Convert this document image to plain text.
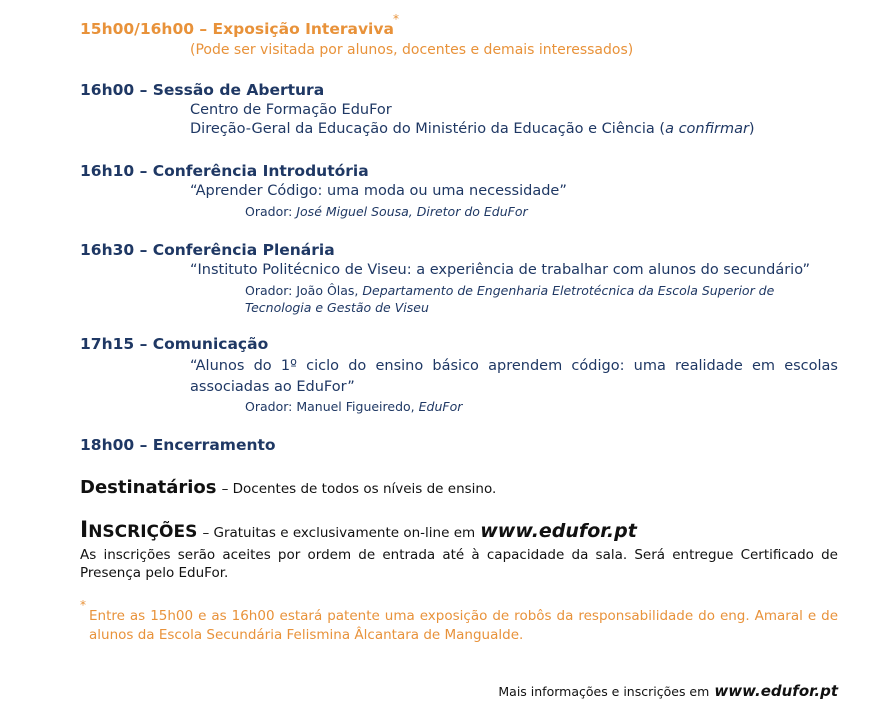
15h00/16h00 – Exposição Interaviva
*
(Pode ser visitada por alunos, docentes e demais interessados)
16h00 – Sessão de Abertura
Centro de Formação EduFor
Direção-Geral da Educação do Ministério da Educação e Ciência (a confirmar)
16h10 – Conferência Introdutória
“Aprender Código: uma moda ou uma necessidade”
Orador: José Miguel Sousa, Diretor do EduFor
16h30 – Conferência Plenária
“Instituto Politécnico de Viseu: a experiência de trabalhar com alunos do secundário”
Orador: João Ôlas, Departamento de Engenharia Eletrotécnica da Escola Superior de
Tecnologia e Gestão de Viseu
17h15 – Comunicação
“Alunos do 1º ciclo do ensino básico aprendem código: uma realidade em escolas associadas ao EduFor”
Orador: Manuel Figueiredo, EduFor
18h00 – Encerramento
Destinatários – Docentes de todos os níveis de ensino.
INSCRIÇÕES – Gratuitas e exclusivamente on-line em www.edufor.pt
As inscrições serão aceites por ordem de entrada até à capacidade da sala. Será entregue Certificado de Presença pelo EduFor.
*
Entre as 15h00 e as 16h00 estará patente uma exposição de robôs da responsabilidade do eng. Amaral e de alunos da Escola Secundária Felismina Âlcantara de Mangualde.
Mais informações e inscrições em www.edufor.pt
